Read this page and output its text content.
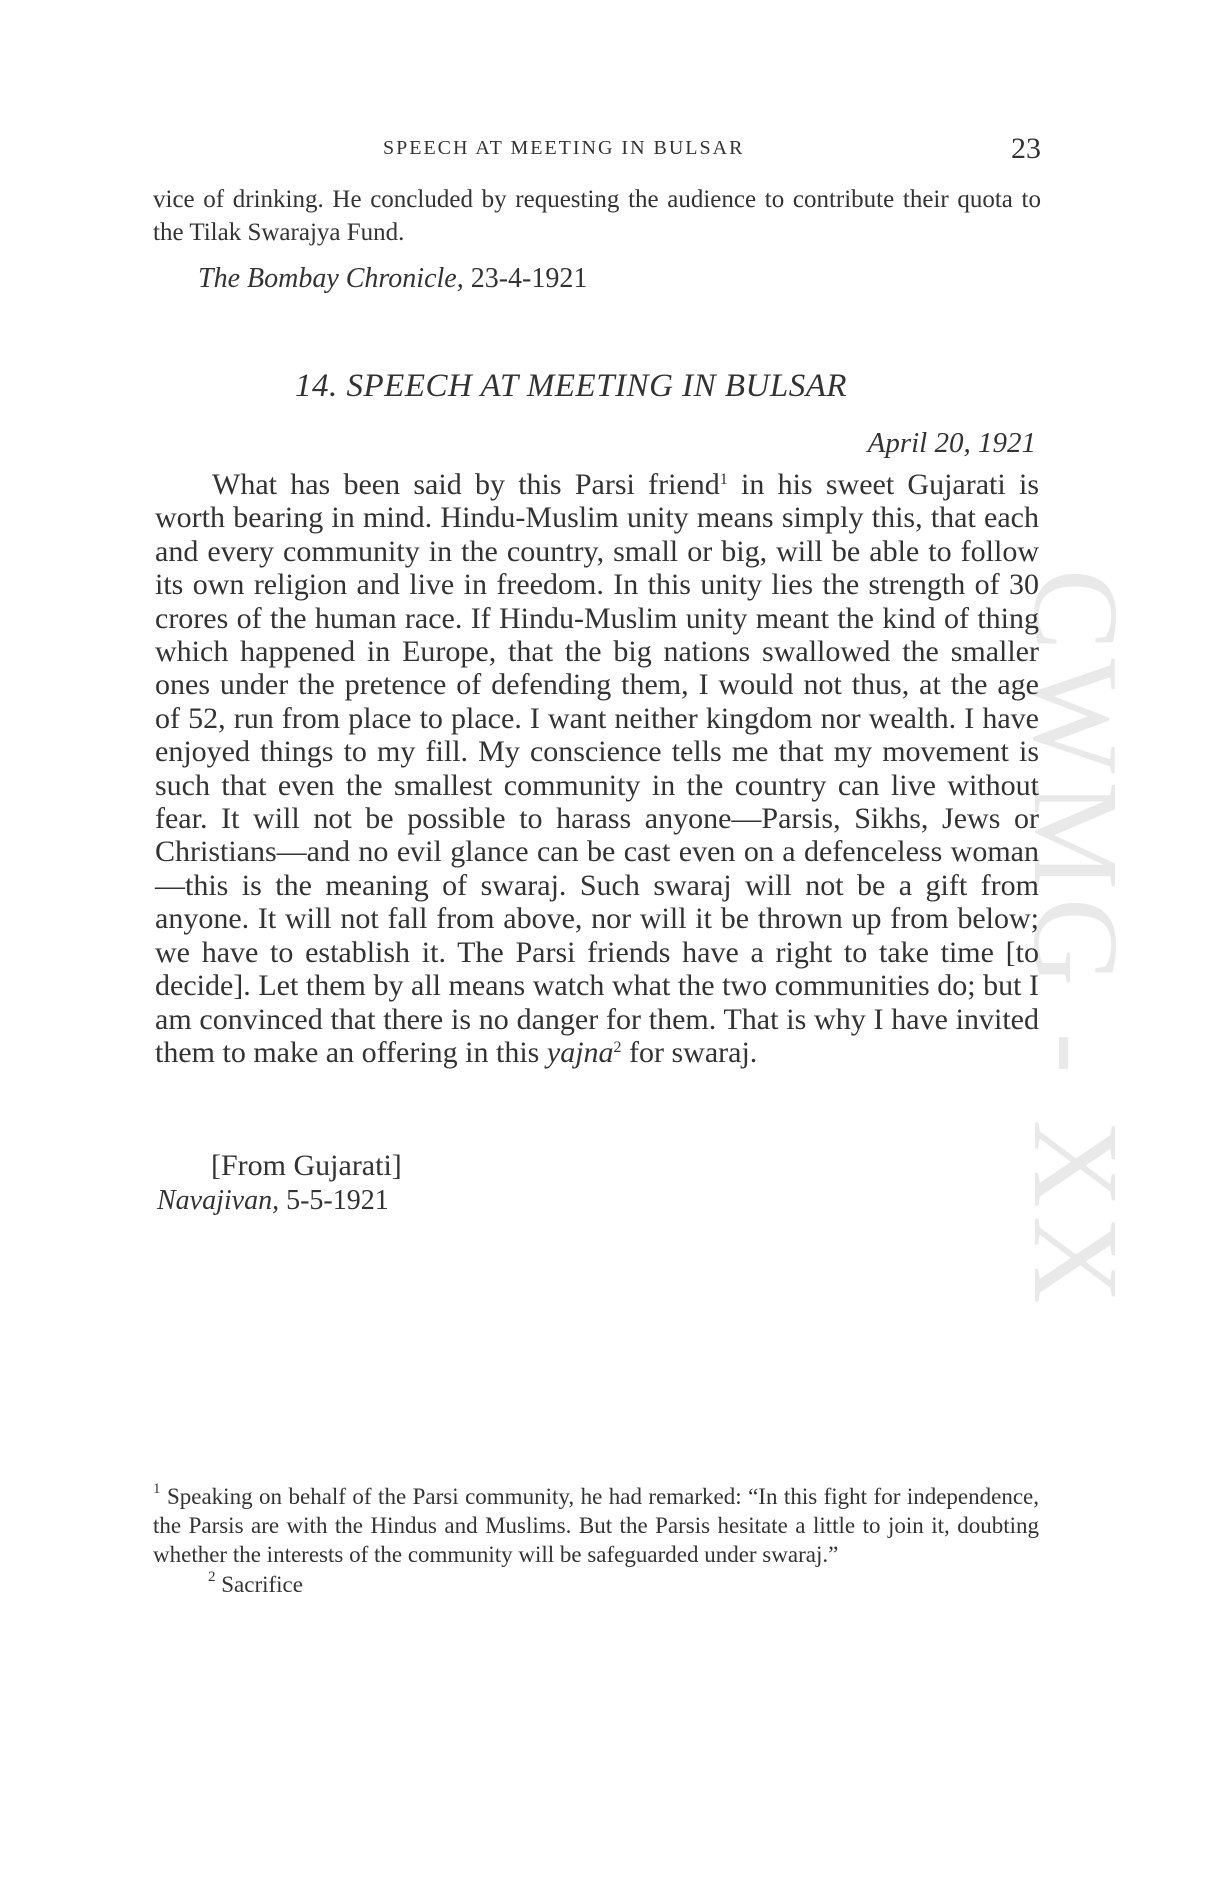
CWMG - XX
SPEECH AT MEETING IN BULSAR	23
vice of drinking. He concluded by requesting the audience to contribute their quota to the Tilak Swarajya Fund.
The Bombay Chronicle, 23-4-1921
14. SPEECH AT MEETING IN BULSAR
April 20, 1921
What has been said by this Parsi friend$^1$ in his sweet Gujarati is worth bearing in mind. Hindu-Muslim unity means simply this, that each and every community in the country, small or big, will be able to follow its own religion and live in freedom. In this unity lies the strength of 30 crores of the human race. If Hindu-Muslim unity meant the kind of thing which happened in Europe, that the big nations swallowed the smaller ones under the pretence of defending them, I would not thus, at the age of 52, run from place to place. I want neither kingdom nor wealth. I have enjoyed things to my fill. My conscience tells me that my movement is such that even the smallest community in the country can live without fear. It will not be possible to harass anyone—Parsis, Sikhs, Jews or Christians—and no evil glance can be cast even on a defenceless woman—this is the meaning of swaraj. Such swaraj will not be a gift from anyone. It will not fall from above, nor will it be thrown up from below; we have to establish it. The Parsi friends have a right to take time [to decide]. Let them by all means watch what the two communities do; but I am convinced that there is no danger for them. That is why I have invited them to make an offering in this yajna$^2$ for swaraj.
[From Gujarati]
Navajivan, 5-5-1921

$^1$ Speaking on behalf of the Parsi community, he had remarked: “In this fight for independence, the Parsis are with the Hindus and Muslims. But the Parsis hesitate a little to join it, doubting whether the interests of the community will be safeguarded under swaraj.”

$^2$ Sacrifice
